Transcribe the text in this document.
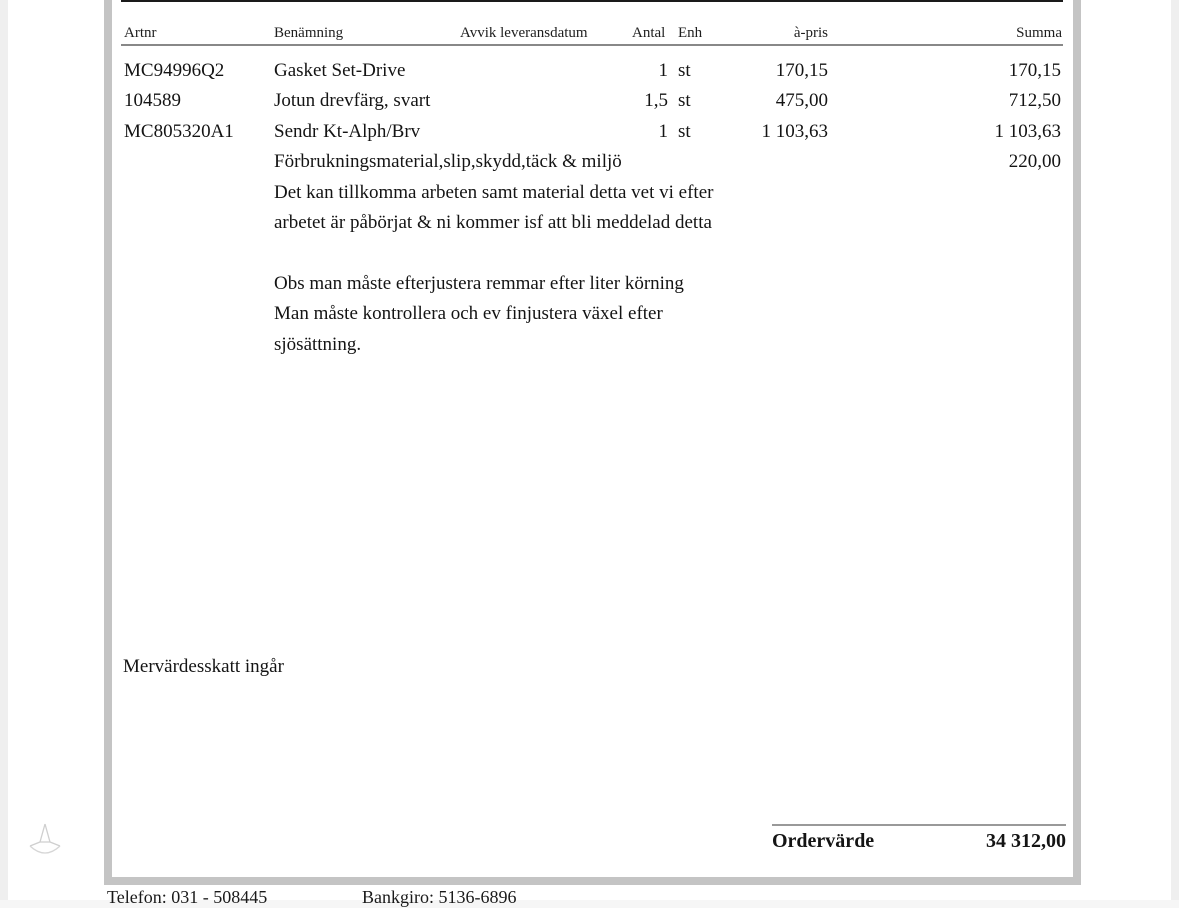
Artnr	Benämning	Avvik leveransdatum	Antal Enh	à-pris	Summa
MC94996Q2	Gasket Set-Drive	1 st	170,15	170,15
104589	Jotun drevfärg, svart	1,5 st	475,00	712,50
MC805320A1 Sendr Kt-Alph/Brv	1 st	1 103,63	1 103,63
Förbrukningsmaterial,slip,skydd,täck & miljö	220,00
Det kan tillkomma arbeten samt material detta vet vi efter
arbetet är påbörjat & ni kommer isf att bli meddelad detta
Obs man måste efterjustera remmar efter liter körning
Man måste kontrollera och ev finjustera växel efter
sjösättning.
Mervärdesskatt ingår
Ordervärde	34 312,00
Telefon: 031 - 508445	Bankgiro: 5136-6896
